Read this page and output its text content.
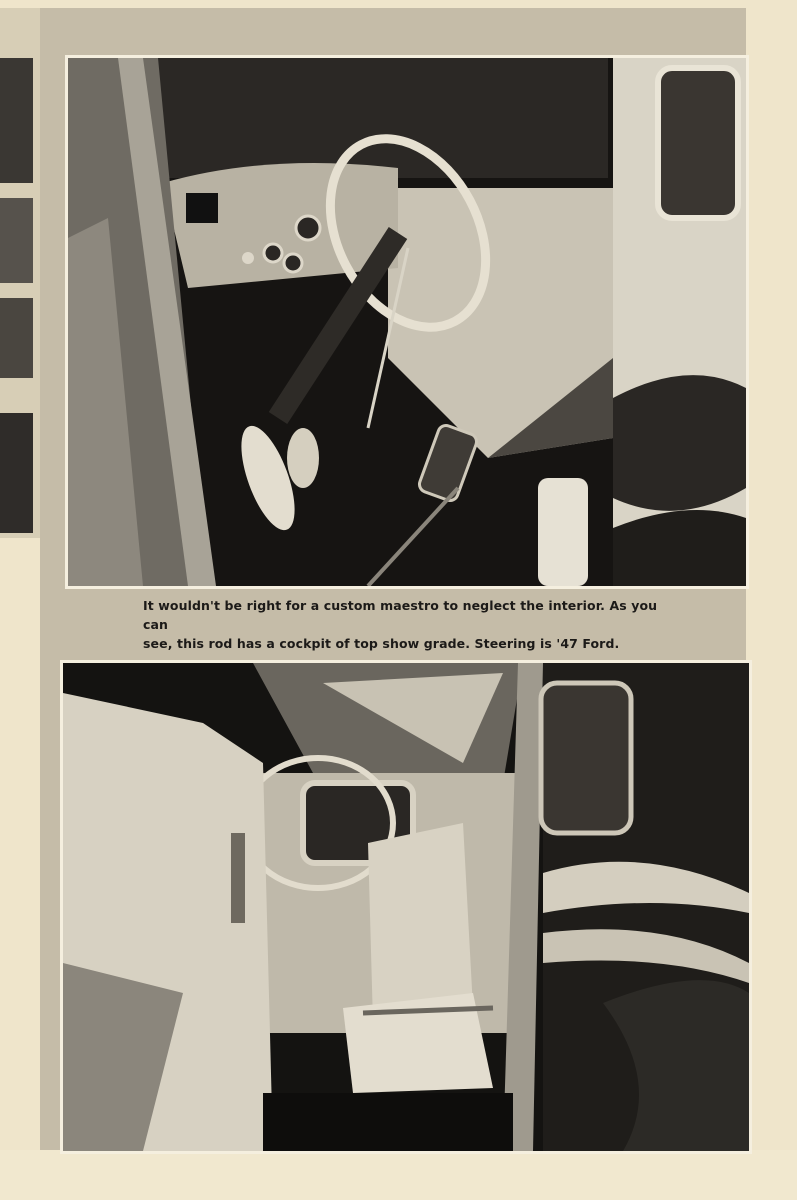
It wouldn't be right for a custom maestro to neglect the interior. As you can
see, this rod has a cockpit of top show grade. Steering is '47 Ford.
